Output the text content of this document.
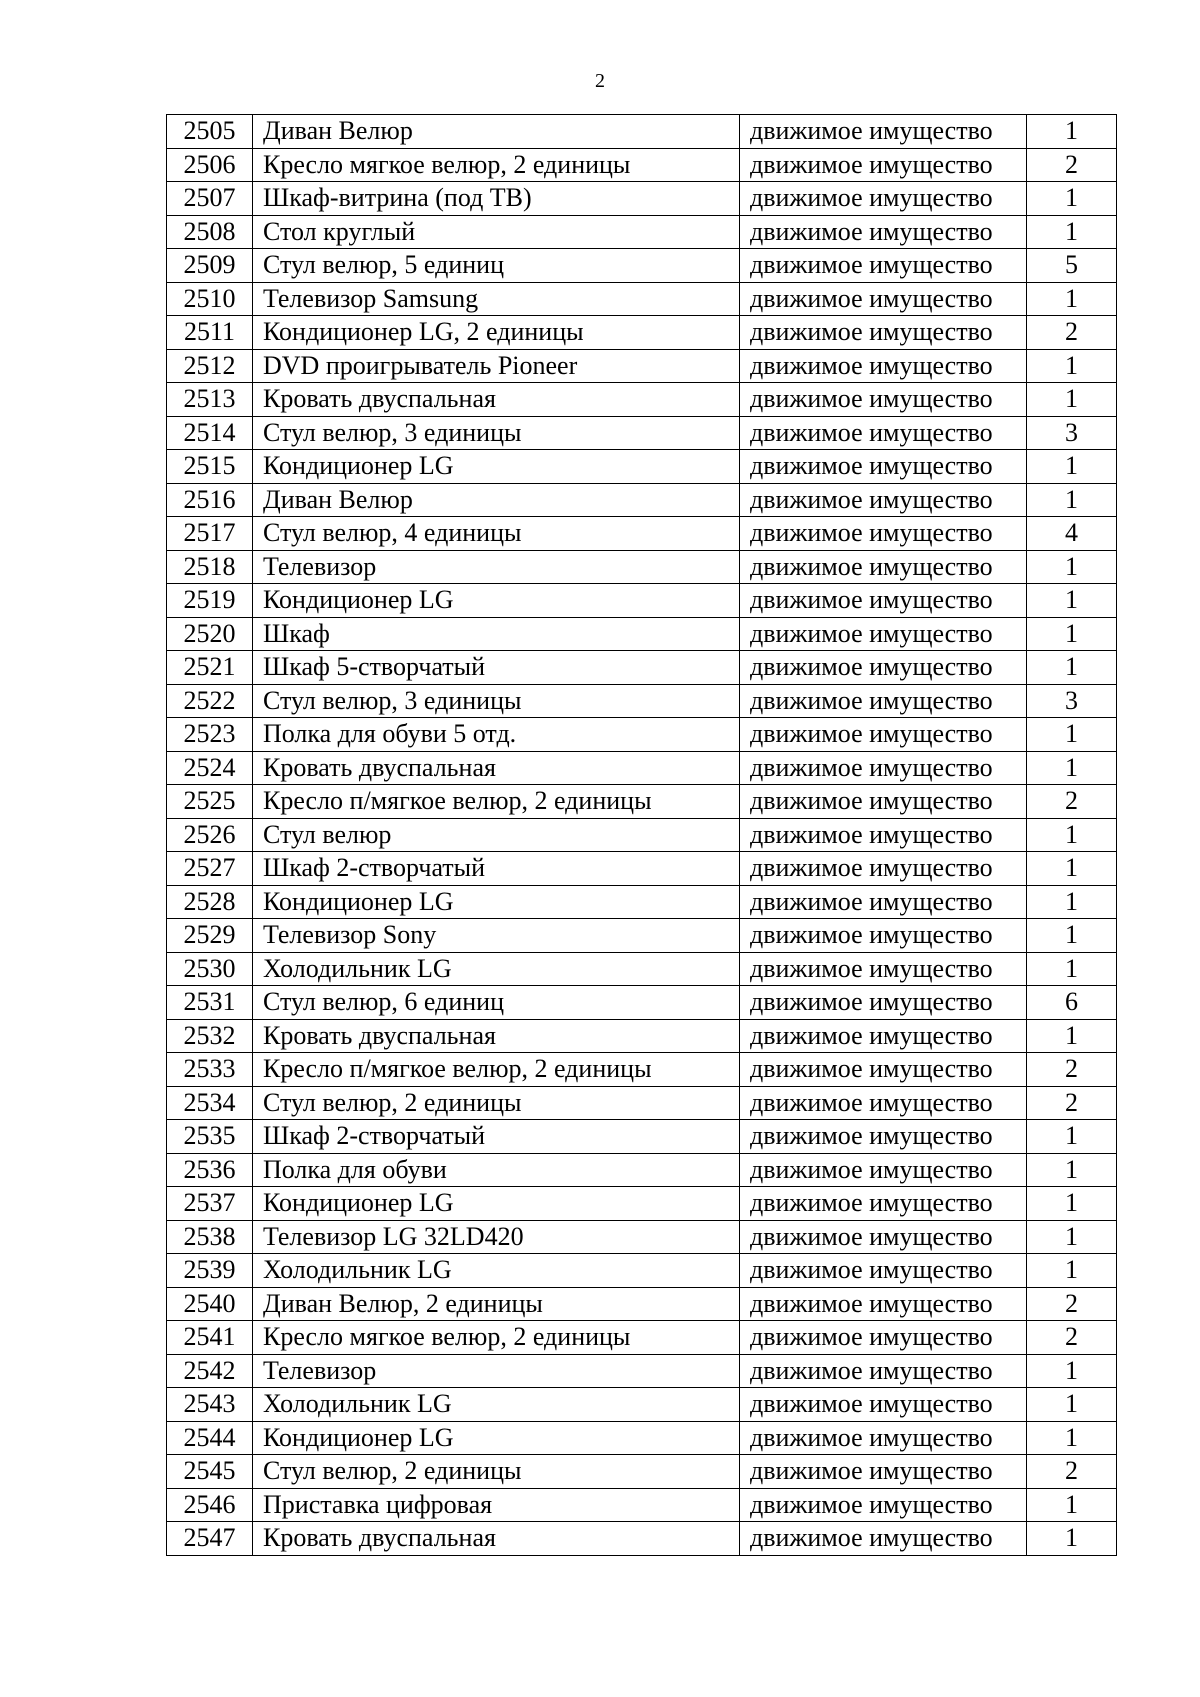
2
2505	Диван Велюр	движимое имущество	1
2506	Кресло мягкое велюр, 2 единицы	движимое имущество	2
2507	Шкаф-витрина (под ТВ)	движимое имущество	1
2508	Стол круглый	движимое имущество	1
2509	Стул велюр, 5 единиц	движимое имущество	5
2510	Телевизор Samsung	движимое имущество	1
2511	Кондиционер LG, 2 единицы	движимое имущество	2
2512	DVD проигрыватель Pioneer	движимое имущество	1
2513	Кровать двуспальная	движимое имущество	1
2514	Стул велюр, 3 единицы	движимое имущество	3
2515	Кондиционер LG	движимое имущество	1
2516	Диван Велюр	движимое имущество	1
2517	Стул велюр, 4 единицы	движимое имущество	4
2518	Телевизор	движимое имущество	1
2519	Кондиционер LG	движимое имущество	1
2520	Шкаф	движимое имущество	1
2521	Шкаф 5-створчатый	движимое имущество	1
2522	Стул велюр, 3 единицы	движимое имущество	3
2523	Полка для обуви 5 отд.	движимое имущество	1
2524	Кровать двуспальная	движимое имущество	1
2525	Кресло п/мягкое велюр, 2 единицы	движимое имущество	2
2526	Стул велюр	движимое имущество	1
2527	Шкаф 2-створчатый	движимое имущество	1
2528	Кондиционер LG	движимое имущество	1
2529	Телевизор Sony	движимое имущество	1
2530	Холодильник LG	движимое имущество	1
2531	Стул велюр, 6 единиц	движимое имущество	6
2532	Кровать двуспальная	движимое имущество	1
2533	Кресло п/мягкое велюр, 2 единицы	движимое имущество	2
2534	Стул велюр, 2 единицы	движимое имущество	2
2535	Шкаф 2-створчатый	движимое имущество	1
2536	Полка для обуви	движимое имущество	1
2537	Кондиционер LG	движимое имущество	1
2538	Телевизор LG 32LD420	движимое имущество	1
2539	Холодильник LG	движимое имущество	1
2540	Диван Велюр, 2 единицы	движимое имущество	2
2541	Кресло мягкое велюр, 2 единицы	движимое имущество	2
2542	Телевизор	движимое имущество	1
2543	Холодильник LG	движимое имущество	1
2544	Кондиционер LG	движимое имущество	1
2545	Стул велюр, 2 единицы	движимое имущество	2
2546	Приставка цифровая	движимое имущество	1
2547	Кровать двуспальная	движимое имущество	1
